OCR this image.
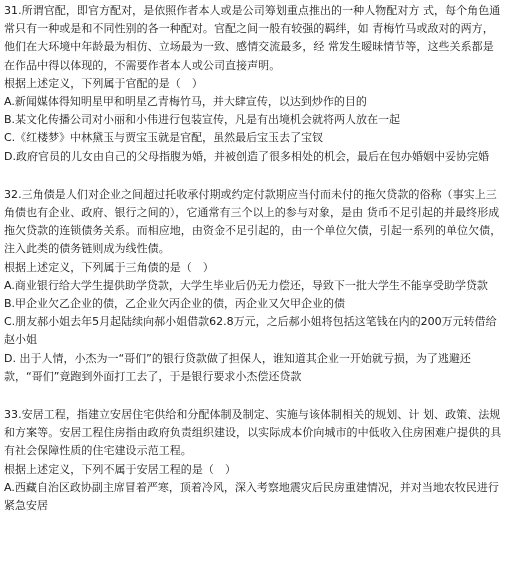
31.所谓官配，即官方配对，是依照作者本人或是公司筹划重点推出的一种人物配对方 式，每个角色通常只有一种或是和不同性别的各一种配对。官配之间一般有较强的羁绊，如 青梅竹马或敌对的两方，他们在大环境中年龄最为相仿、立场最为一致、感情交流最多，经 常发生暧昧情节等，这些关系都是在作品中得以体现的，不需要作者本人或公司直接声明。

根据上述定义，下列属于官配的是（　）

A.新闻媒体得知明星甲和明星乙青梅竹马，并大肆宣传，以达到炒作的目的

B.某文化传播公司对小丽和小伟进行包装宣传，凡是有出境机会就将两人放在一起

C.《红楼梦》中林黛玉与贾宝玉就是官配，虽然最后宝玉去了宝钗

D.政府官员的儿女由自己的父母指腹为婚，并被创造了很多相处的机会，最后在包办婚姻中妥协完婚

32.三角债是人们对企业之间超过托收承付期或约定付款期应当付而未付的拖欠贷款的俗称（事实上三角债也有企业、政府、银行之间的），它通常有三个以上的参与对象，是由 货币不足引起的并最终形成拖欠贷款的连锁债务关系。而相应地，由资金不足引起的，由一个单位欠债，引起一系列的单位欠债，注入此类的债务链则成为线性债。

根据上述定义，下列属于三角债的是（　）

A.商业银行给大学生提供助学贷款，大学生毕业后仍无力偿还，导致下一批大学生不能享受助学贷款

B.甲企业欠乙企业的债，乙企业欠丙企业的债，丙企业又欠甲企业的债

C.朋友郝小姐去年5月起陆续向郝小姐借款62.8万元，之后郝小姐将包括这笔钱在内的200万元转借给赵小姐

D. 出于人情，小杰为一“哥们”的银行贷款做了担保人，谁知道其企业一开始就亏损，为了逃避还款，“哥们”竟跑到外面打工去了，于是银行要求小杰偿还贷款

33.安居工程，指建立安居住宅供给和分配体制及制定、实施与该体制相关的规划、计 划、政策、法规和方案等。安居工程住房指由政府负责组织建设，以实际成本价向城市的中低收入住房困难户提供的具有社会保障性质的住宅建设示范工程。

根据上述定义，下列不属于安居工程的是（　）

A.西藏自治区政协副主席冒着严寒，顶着冷风，深入考察地震灾后民房重建情况，并对当地农牧民进行紧急安居
